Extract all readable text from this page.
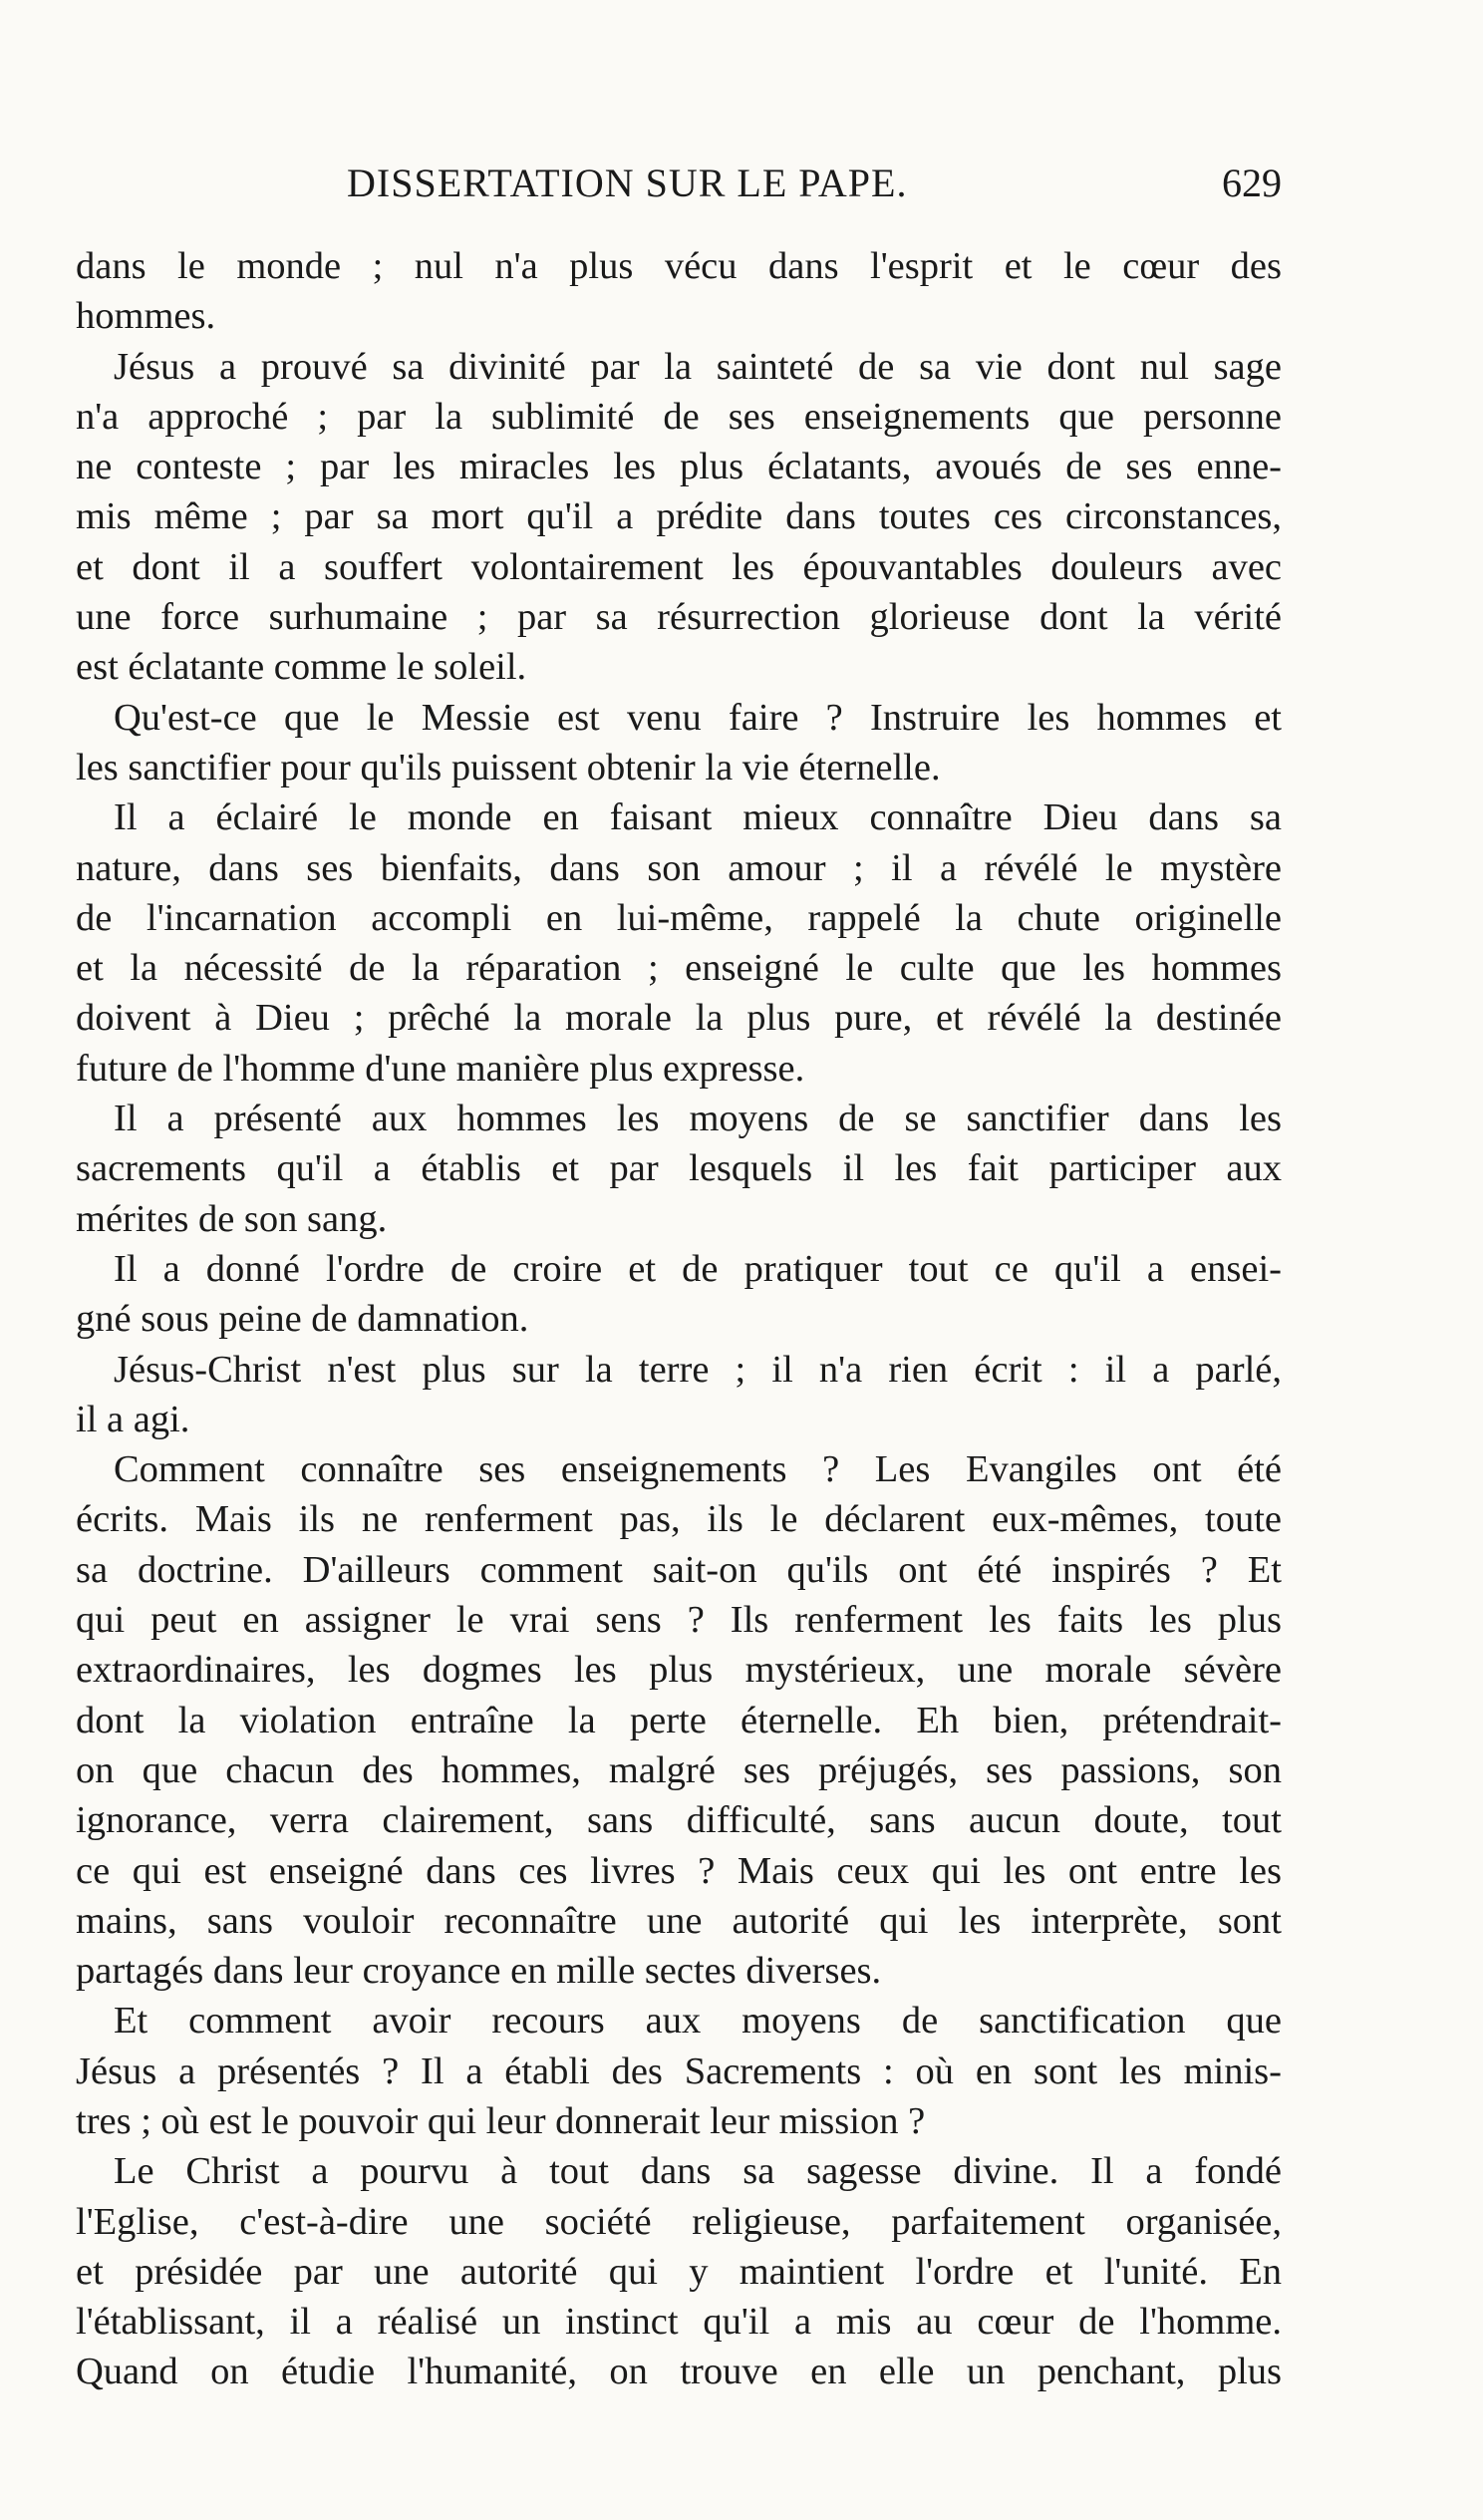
DISSERTATION SUR LE PAPE.	629
dans le monde ; nul n'a plus vécu dans l'esprit et le cœur des
hommes.
Jésus a prouvé sa divinité par la sainteté de sa vie dont nul sage
n'a approché ; par la sublimité de ses enseignements que personne
ne conteste ; par les miracles les plus éclatants, avoués de ses enne-
mis même ; par sa mort qu'il a prédite dans toutes ces circonstances,
et dont il a souffert volontairement les épouvantables douleurs avec
une force surhumaine ; par sa résurrection glorieuse dont la vérité
est éclatante comme le soleil.
Qu'est-ce que le Messie est venu faire ? Instruire les hommes et
les sanctifier pour qu'ils puissent obtenir la vie éternelle.
Il a éclairé le monde en faisant mieux connaître Dieu dans sa
nature, dans ses bienfaits, dans son amour ; il a révélé le mystère
de l'incarnation accompli en lui-même, rappelé la chute originelle
et la nécessité de la réparation ; enseigné le culte que les hommes
doivent à Dieu ; prêché la morale la plus pure, et révélé la destinée
future de l'homme d'une manière plus expresse.
Il a présenté aux hommes les moyens de se sanctifier dans les
sacrements qu'il a établis et par lesquels il les fait participer aux
mérites de son sang.
Il a donné l'ordre de croire et de pratiquer tout ce qu'il a ensei-
gné sous peine de damnation.
Jésus-Christ n'est plus sur la terre ; il n'a rien écrit : il a parlé,
il a agi.
Comment connaître ses enseignements ? Les Evangiles ont été
écrits. Mais ils ne renferment pas, ils le déclarent eux-mêmes, toute
sa doctrine. D'ailleurs comment sait-on qu'ils ont été inspirés ? Et
qui peut en assigner le vrai sens ? Ils renferment les faits les plus
extraordinaires, les dogmes les plus mystérieux, une morale sévère
dont la violation entraîne la perte éternelle. Eh bien, prétendrait-
on que chacun des hommes, malgré ses préjugés, ses passions, son
ignorance, verra clairement, sans difficulté, sans aucun doute, tout
ce qui est enseigné dans ces livres ? Mais ceux qui les ont entre les
mains, sans vouloir reconnaître une autorité qui les interprète, sont
partagés dans leur croyance en mille sectes diverses.
Et comment avoir recours aux moyens de sanctification que
Jésus a présentés ? Il a établi des Sacrements : où en sont les minis-
tres ; où est le pouvoir qui leur donnerait leur mission ?
Le Christ a pourvu à tout dans sa sagesse divine. Il a fondé
l'Eglise, c'est-à-dire une société religieuse, parfaitement organisée,
et présidée par une autorité qui y maintient l'ordre et l'unité. En
l'établissant, il a réalisé un instinct qu'il a mis au cœur de l'homme.
Quand on étudie l'humanité, on trouve en elle un penchant, plus
